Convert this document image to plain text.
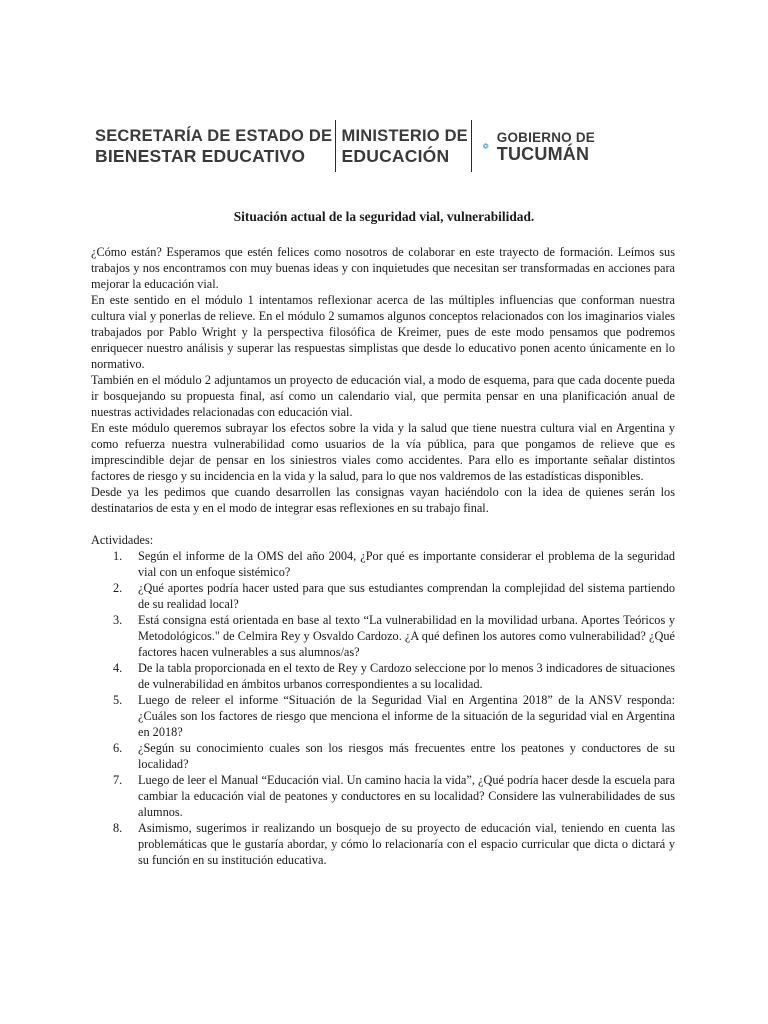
SECRETARÍA DE ESTADO DE
BIENESTAR EDUCATIVO
MINISTERIO DE
EDUCACIÓN
GOBIERNO DE
TUCUMÁN
Situación actual de la seguridad vial, vulnerabilidad.

¿Cómo están? Esperamos que estén felices como nosotros de colaborar en este trayecto de formación. Leímos sus trabajos y nos encontramos con muy buenas ideas y con inquietudes que necesitan ser transformadas en acciones para mejorar la educación vial.

En este sentido en el módulo 1 intentamos reflexionar acerca de las múltiples influencias que conforman nuestra cultura vial y ponerlas de relieve. En el módulo 2 sumamos algunos conceptos relacionados con los imaginarios viales trabajados por Pablo Wright y la perspectiva filosófica de Kreimer, pues de este modo pensamos que podremos enriquecer nuestro análisis y superar las respuestas simplistas que desde lo educativo ponen acento únicamente en lo normativo.

También en el módulo 2 adjuntamos un proyecto de educación vial, a modo de esquema, para que cada docente pueda ir bosquejando su propuesta final, así como un calendario vial, que permita pensar en una planificación anual de nuestras actividades relacionadas con educación vial.

En este módulo queremos subrayar los efectos sobre la vida y la salud que tiene nuestra cultura vial en Argentina y como refuerza nuestra vulnerabilidad como usuarios de la vía pública, para que pongamos de relieve que es imprescindible dejar de pensar en los siniestros viales como accidentes. Para ello es importante señalar distintos factores de riesgo y su incidencia en la vida y la salud, para lo que nos valdremos de las estadísticas disponibles.

Desde ya les pedimos que cuando desarrollen las consignas vayan haciéndolo con la idea de quienes serán los destinatarios de esta y en el modo de integrar esas reflexiones en su trabajo final.

Actividades:

1. Según el informe de la OMS del año 2004, ¿Por qué es importante considerar el problema de la seguridad vial con un enfoque sistémico?
2. ¿Qué aportes podría hacer usted para que sus estudiantes comprendan la complejidad del sistema partiendo de su realidad local?
3. Está consigna está orientada en base al texto “La vulnerabilidad en la movilidad urbana. Aportes Teóricos y Metodológicos." de Celmira Rey y Osvaldo Cardozo. ¿A qué definen los autores como vulnerabilidad? ¿Qué factores hacen vulnerables a sus alumnos/as?
4. De la tabla proporcionada en el texto de Rey y Cardozo seleccione por lo menos 3 indicadores de situaciones de vulnerabilidad en ámbitos urbanos correspondientes a su localidad.
5. Luego de releer el informe “Situación de la Seguridad Vial en Argentina 2018” de la ANSV responda: ¿Cuáles son los factores de riesgo que menciona el informe de la situación de la seguridad vial en Argentina en 2018?
6. ¿Según su conocimiento cuales son los riesgos más frecuentes entre los peatones y conductores de su localidad?
7. Luego de leer el Manual “Educación vial. Un camino hacia la vida”, ¿Qué podría hacer desde la escuela para cambiar la educación vial de peatones y conductores en su localidad? Considere las vulnerabilidades de sus alumnos.
8. Asimismo, sugerimos ir realizando un bosquejo de su proyecto de educación vial, teniendo en cuenta las problemáticas que le gustaría abordar, y cómo lo relacionaría con el espacio curricular que dicta o dictará y su función en su institución educativa.
